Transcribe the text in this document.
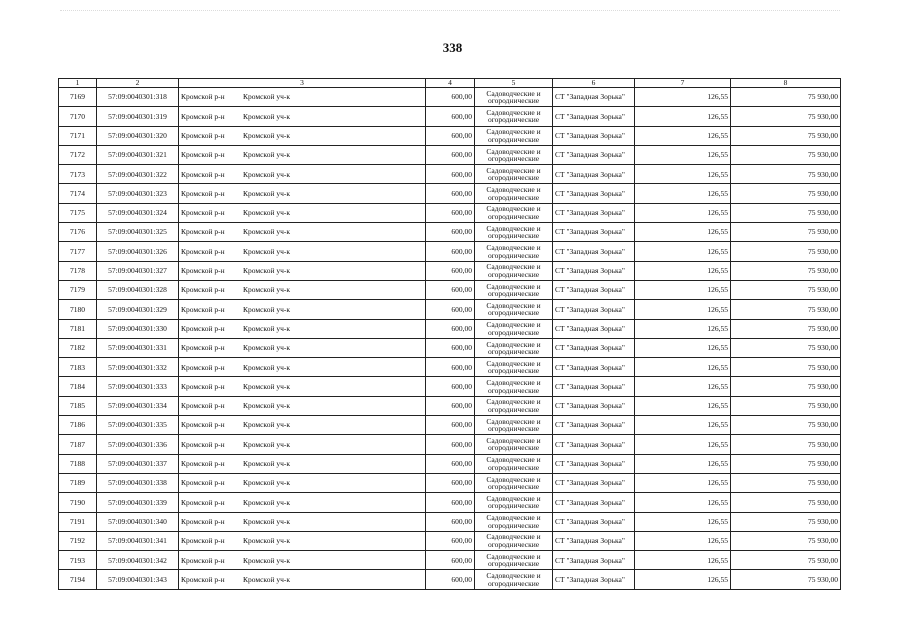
338
1	2	3	4	5	6	7	8
7169	57:09:0040301:318	Кромской р-н Кромской уч-к	600,00	Садоводческие и
огороднические	СТ "Западная Зорька"	126,55	75 930,00
7170	57:09:0040301:319	Кромской р-н Кромской уч-к	600,00	Садоводческие и
огороднические	СТ "Западная Зорька"	126,55	75 930,00
7171	57:09:0040301:320	Кромской р-н Кромской уч-к	600,00	Садоводческие и
огороднические	СТ "Западная Зорька"	126,55	75 930,00
7172	57:09:0040301:321	Кромской р-н Кромской уч-к	600,00	Садоводческие и
огороднические	СТ "Западная Зорька"	126,55	75 930,00
7173	57:09:0040301:322	Кромской р-н Кромской уч-к	600,00	Садоводческие и
огороднические	СТ "Западная Зорька"	126,55	75 930,00
7174	57:09:0040301:323	Кромской р-н Кромской уч-к	600,00	Садоводческие и
огороднические	СТ "Западная Зорька"	126,55	75 930,00
7175	57:09:0040301:324	Кромской р-н Кромской уч-к	600,00	Садоводческие и
огороднические	СТ "Западная Зорька"	126,55	75 930,00
7176	57:09:0040301:325	Кромской р-н Кромской уч-к	600,00	Садоводческие и
огороднические	СТ "Западная Зорька"	126,55	75 930,00
7177	57:09:0040301:326	Кромской р-н Кромской уч-к	600,00	Садоводческие и
огороднические	СТ "Западная Зорька"	126,55	75 930,00
7178	57:09:0040301:327	Кромской р-н Кромской уч-к	600,00	Садоводческие и
огороднические	СТ "Западная Зорька"	126,55	75 930,00
7179	57:09:0040301:328	Кромской р-н Кромской уч-к	600,00	Садоводческие и
огороднические	СТ "Западная Зорька"	126,55	75 930,00
7180	57:09:0040301:329	Кромской р-н Кромской уч-к	600,00	Садоводческие и
огороднические	СТ "Западная Зорька"	126,55	75 930,00
7181	57:09:0040301:330	Кромской р-н Кромской уч-к	600,00	Садоводческие и
огороднические	СТ "Западная Зорька"	126,55	75 930,00
7182	57:09:0040301:331	Кромской р-н Кромской уч-к	600,00	Садоводческие и
огороднические	СТ "Западная Зорька"	126,55	75 930,00
7183	57:09:0040301:332	Кромской р-н Кромской уч-к	600,00	Садоводческие и
огороднические	СТ "Западная Зорька"	126,55	75 930,00
7184	57:09:0040301:333	Кромской р-н Кромской уч-к	600,00	Садоводческие и
огороднические	СТ "Западная Зорька"	126,55	75 930,00
7185	57:09:0040301:334	Кромской р-н Кромской уч-к	600,00	Садоводческие и
огороднические	СТ "Западная Зорька"	126,55	75 930,00
7186	57:09:0040301:335	Кромской р-н Кромской уч-к	600,00	Садоводческие и
огороднические	СТ "Западная Зорька"	126,55	75 930,00
7187	57:09:0040301:336	Кромской р-н Кромской уч-к	600,00	Садоводческие и
огороднические	СТ "Западная Зорька"	126,55	75 930,00
7188	57:09:0040301:337	Кромской р-н Кромской уч-к	600,00	Садоводческие и
огороднические	СТ "Западная Зорька"	126,55	75 930,00
7189	57:09:0040301:338	Кромской р-н Кромской уч-к	600,00	Садоводческие и
огороднические	СТ "Западная Зорька"	126,55	75 930,00
7190	57:09:0040301:339	Кромской р-н Кромской уч-к	600,00	Садоводческие и
огороднические	СТ "Западная Зорька"	126,55	75 930,00
7191	57:09:0040301:340	Кромской р-н Кромской уч-к	600,00	Садоводческие и
огороднические	СТ "Западная Зорька"	126,55	75 930,00
7192	57:09:0040301:341	Кромской р-н Кромской уч-к	600,00	Садоводческие и
огороднические	СТ "Западная Зорька"	126,55	75 930,00
7193	57:09:0040301:342	Кромской р-н Кромской уч-к	600,00	Садоводческие и
огороднические	СТ "Западная Зорька"	126,55	75 930,00
7194	57:09:0040301:343	Кромской р-н Кромской уч-к	600,00	Садоводческие и
огороднические	СТ "Западная Зорька"	126,55	75 930,00
